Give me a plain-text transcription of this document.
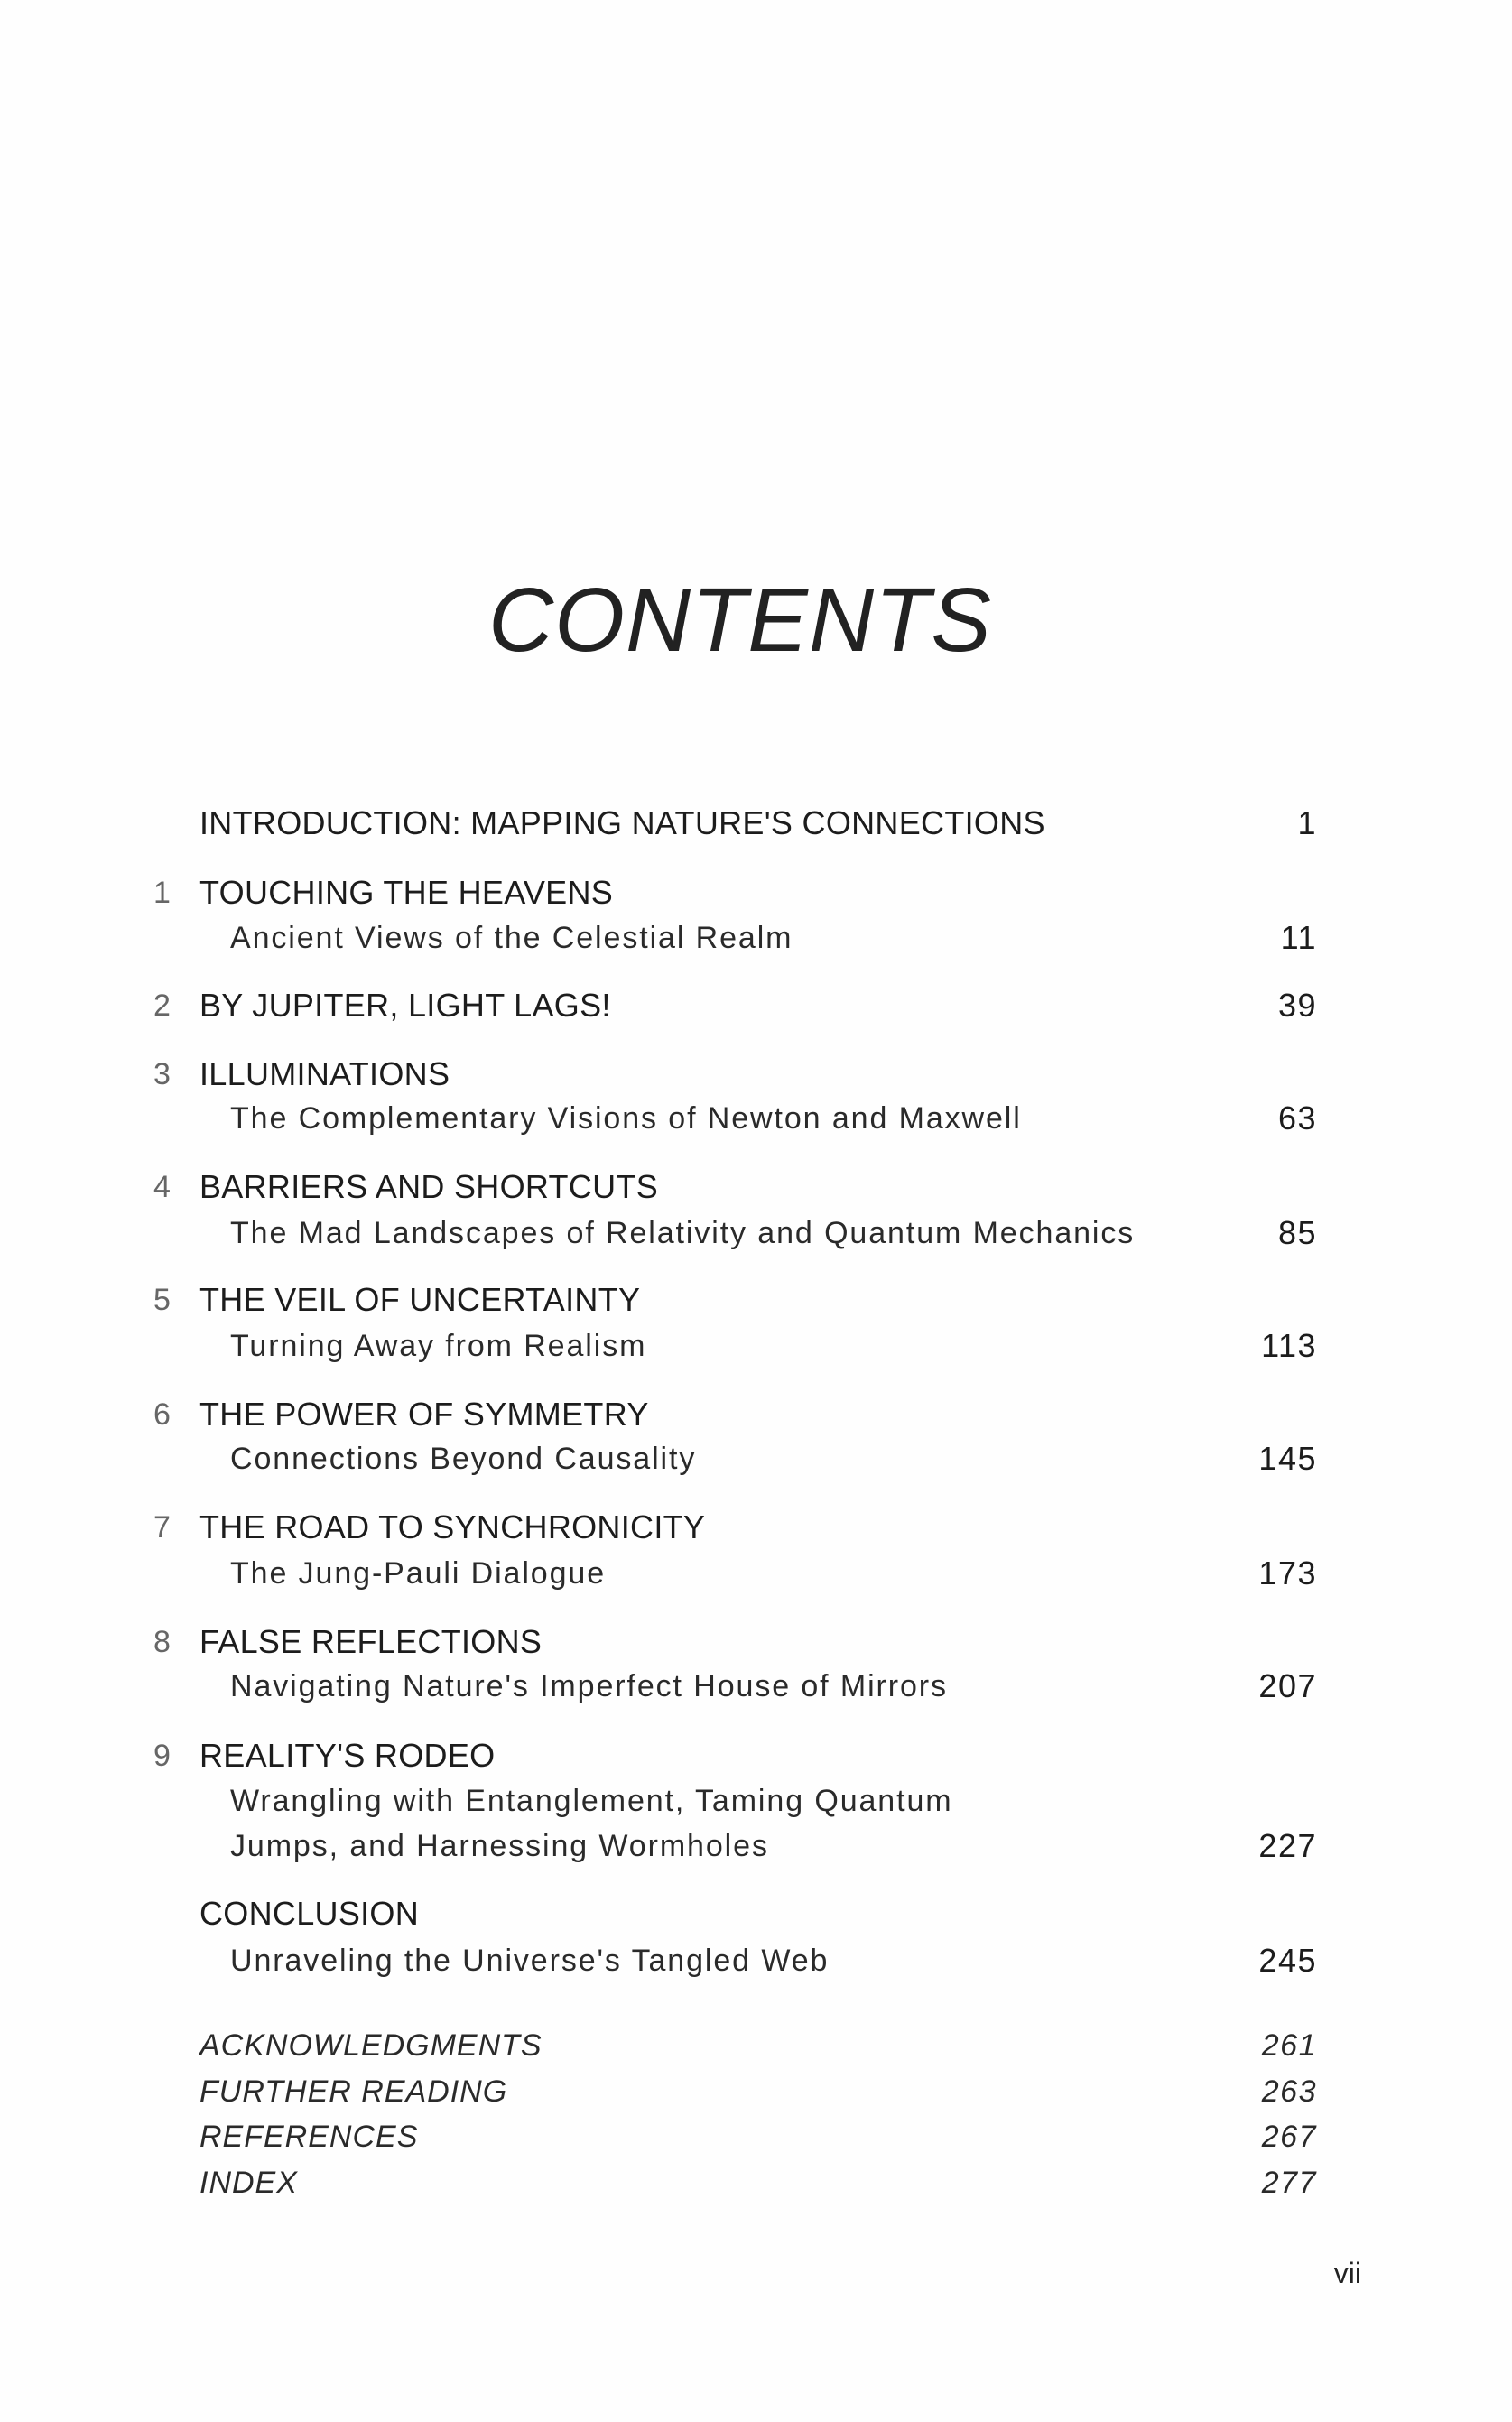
CONTENTS
INTRODUCTION: MAPPING NATURE'S CONNECTIONS	1
1 TOUCHING THE HEAVENS
Ancient Views of the Celestial Realm	11
2 BY JUPITER, LIGHT LAGS!	39
3 ILLUMINATIONS
The Complementary Visions of Newton and Maxwell	63
4 BARRIERS AND SHORTCUTS
The Mad Landscapes of Relativity and Quantum Mechanics	85
5 THE VEIL OF UNCERTAINTY
Turning Away from Realism	113
6 THE POWER OF SYMMETRY
Connections Beyond Causality	145
7 THE ROAD TO SYNCHRONICITY
The Jung-Pauli Dialogue	173
8 FALSE REFLECTIONS
Navigating Nature's Imperfect House of Mirrors	207
9 REALITY'S RODEO
Wrangling with Entanglement, Taming Quantum
Jumps, and Harnessing Wormholes	227
CONCLUSION
Unraveling the Universe's Tangled Web	245
ACKNOWLEDGMENTS	261
FURTHER READING	263
REFERENCES	267
INDEX	277
vii
